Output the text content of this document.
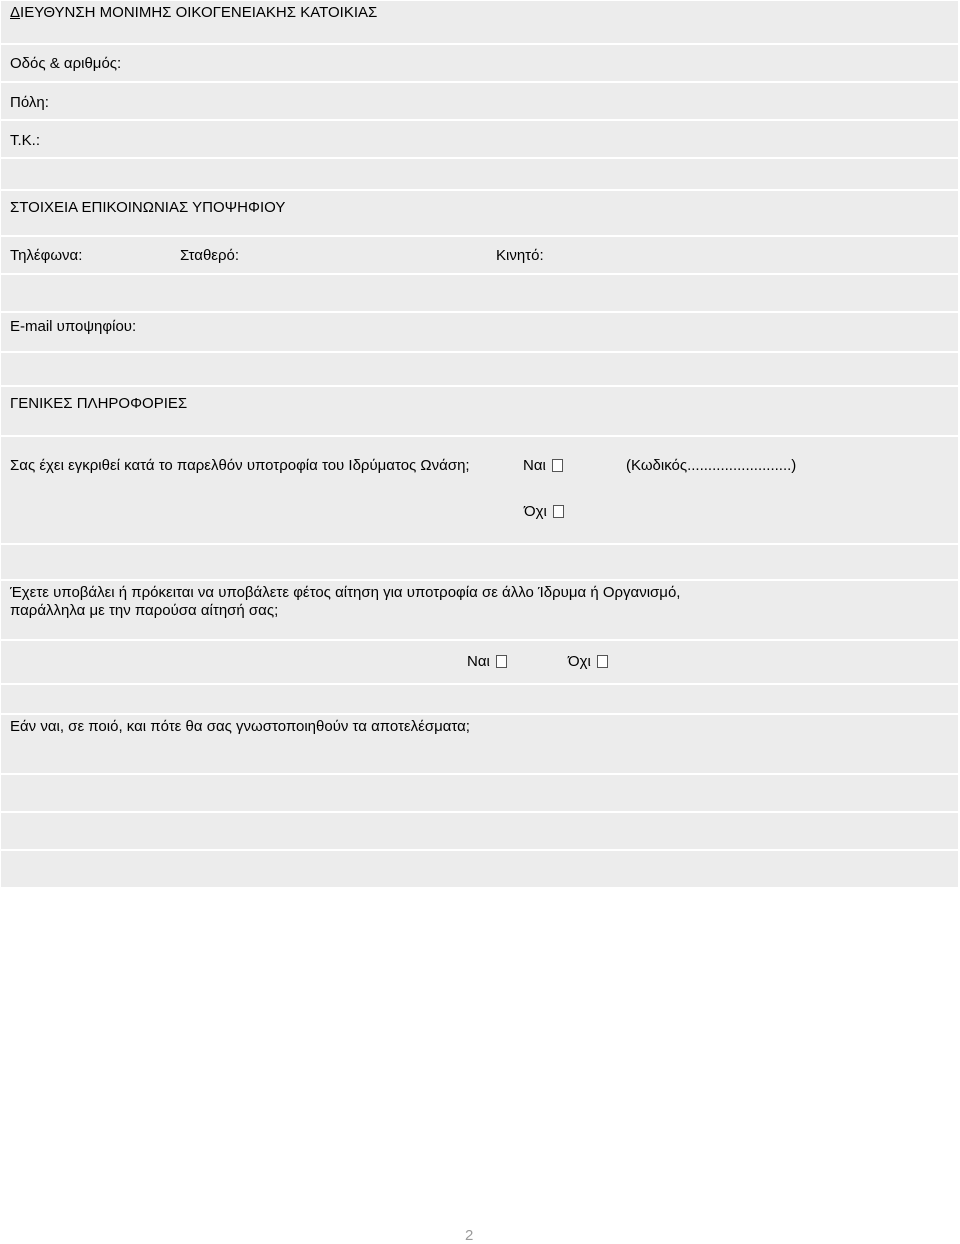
ΔΙΕΥΘΥΝΣΗ ΜΟΝΙΜΗΣ ΟΙΚΟΓΕΝΕΙΑΚΗΣ ΚΑΤΟΙΚΙΑΣ
Οδός & αριθμός:
Πόλη:
Τ.Κ.:
ΣΤΟΙΧΕΙΑ ΕΠΙΚΟΙΝΩΝΙΑΣ ΥΠΟΨΗΦΙΟΥ
Τηλέφωνα:	Σταθερό:	Κινητό:
E-mail υποψηφίου:
ΓΕΝΙΚΕΣ ΠΛΗΡΟΦΟΡΙΕΣ
Σας έχει εγκριθεί κατά το παρελθόν υποτροφία του Ιδρύματος Ωνάση;	Ναι	(Κωδικός.........................)
Όχι
Έχετε υποβάλει ή πρόκειται να υποβάλετε φέτος αίτηση για υποτροφία σε άλλο Ίδρυμα ή Οργανισμό,
παράλληλα με την παρούσα αίτησή σας;
Ναι	Όχι
Εάν ναι, σε ποιό, και πότε θα σας γνωστοποιηθούν τα αποτελέσματα;
2
